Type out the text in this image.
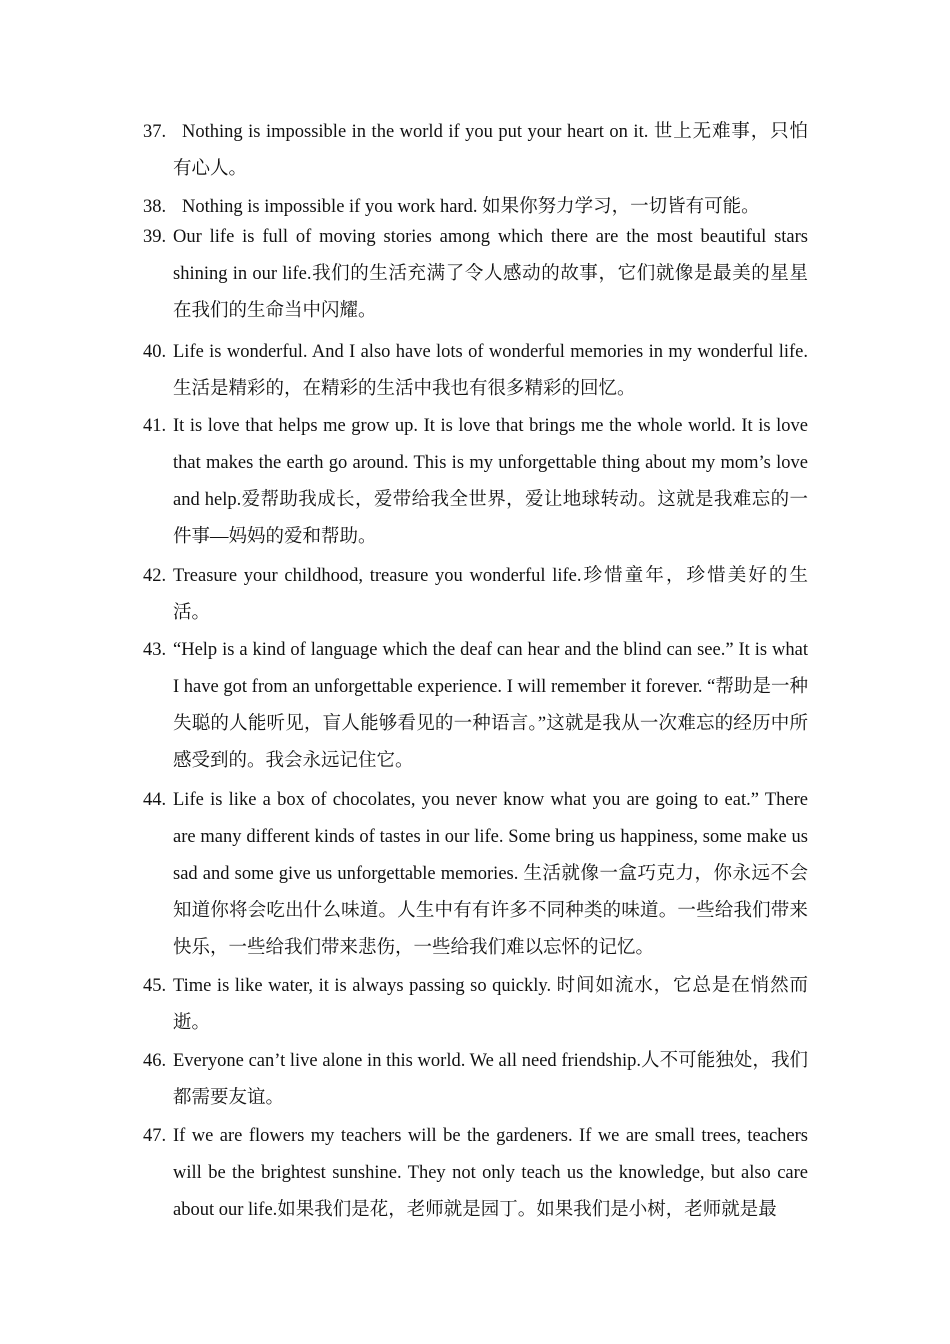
37. Nothing is impossible in the world if you put your heart on it. 世上无难事，只怕有心人。
38. Nothing is impossible if you work hard. 如果你努力学习，一切皆有可能。
39. Our life is full of moving stories among which there are the most beautiful stars shining in our life.我们的生活充满了令人感动的故事，它们就像是最美的星星在我们的生命当中闪耀。
40. Life is wonderful. And I also have lots of wonderful memories in my wonderful life. 生活是精彩的，在精彩的生活中我也有很多精彩的回忆。
41. It is love that helps me grow up. It is love that brings me the whole world. It is love that makes the earth go around. This is my unforgettable thing about my mom’s love and help.爱帮助我成长，爱带给我全世界，爱让地球转动。这就是我难忘的一件事—妈妈的爱和帮助。
42. Treasure your childhood, treasure you wonderful life.珍惜童年，珍惜美好的生活。
43. “Help is a kind of language which the deaf can hear and the blind can see.” It is what I have got from an unforgettable experience. I will remember it forever. “帮助是一种失聪的人能听见，盲人能够看见的一种语言。”这就是我从一次难忘的经历中所感受到的。我会永远记住它。
44. Life is like a box of chocolates, you never know what you are going to eat.” There are many different kinds of tastes in our life. Some bring us happiness, some make us sad and some give us unforgettable memories. 生活就像一盒巧克力，你永远不会知道你将会吃出什么味道。人生中有有许多不同种类的味道。一些给我们带来快乐，一些给我们带来悲伤，一些给我们难以忘怀的记忆。
45. Time is like water, it is always passing so quickly. 时间如流水，它总是在悄然而逝。
46. Everyone can’t live alone in this world. We all need friendship.人不可能独处，我们都需要友谊。
47. If we are flowers my teachers will be the gardeners. If we are small trees, teachers will be the brightest sunshine. They not only teach us the knowledge, but also care about our life.如果我们是花，老师就是园丁。如果我们是小树，老师就是最
